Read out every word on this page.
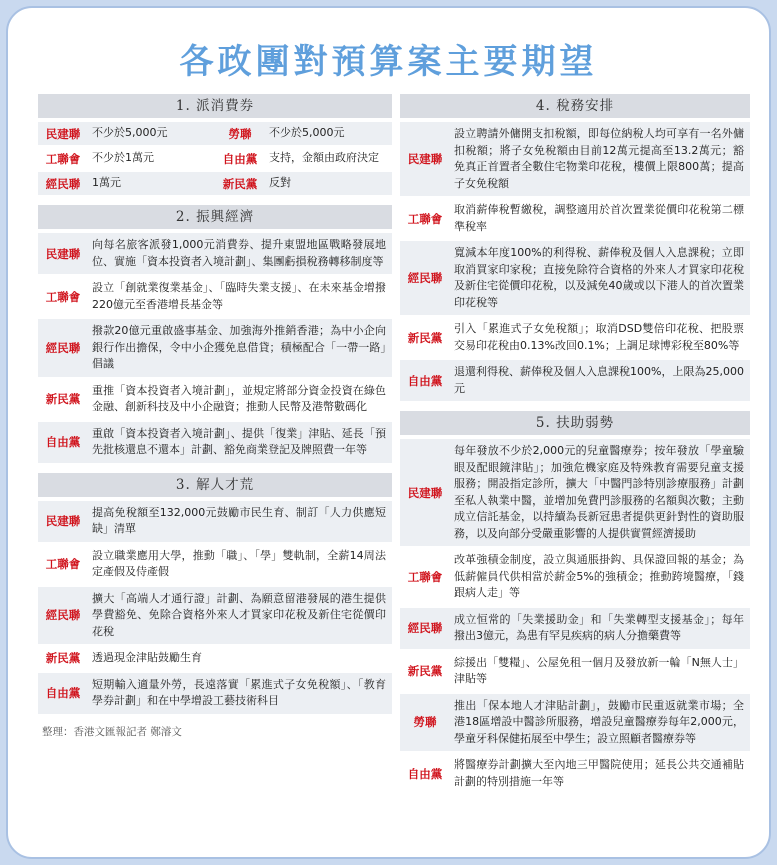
各政團對預算案主要期望
1. 派消費券
民建聯	不少於5,000元	勞聯	不少於5,000元
工聯會	不少於1萬元	自由黨	支持，金額由政府決定
經民聯	1萬元	新民黨	反對
2. 振興經濟
民建聯
向每名旅客派發1,000元消費券、提升東盟地區戰略發展地位、實施「資本投資者入境計劃」、集團虧損稅務轉移制度等
工聯會
設立「創就業復業基金」、「臨時失業支援」、在未來基金增撥220億元至香港增長基金等
經民聯
撥款20億元重啟盛事基金、加強海外推銷香港；為中小企向銀行作出擔保，令中小企獲免息借貸；積極配合「一帶一路」倡議
新民黨
重推「資本投資者入境計劃」，並規定將部分資金投資在綠色金融、創新科技及中小企融資；推動人民幣及港幣數碼化
自由黨
重啟「資本投資者入境計劃」、提供「復業」津貼、延長「預先批核還息不還本」計劃、豁免商業登記及牌照費一年等
3. 解人才荒
民建聯
提高免稅額至132,000元鼓勵市民生育、制訂「人力供應短缺」清單
工聯會
設立職業應用大學，推動「職」、「學」雙軌制，全薪14周法定產假及侍產假
經民聯
擴大「高端人才通行證」計劃、為願意留港發展的港生提供學費豁免、免除合資格外來人才買家印花稅及新住宅從價印花稅
新民黨	透過現金津貼鼓勵生育
自由黨
短期輸入適量外勞，長遠落實「累進式子女免稅額」、「教育學券計劃」和在中學增設工藝技術科目
整理：香港文匯報記者 鄭濬文
4. 稅務安排
民建聯
設立聘請外傭開支扣稅額，即每位納稅人均可享有一名外傭扣稅額；將子女免稅額由目前12萬元提高至13.2萬元；豁免真正首置者全數住宅物業印花稅，樓價上限800萬；提高子女免稅額
工聯會
取消薪俸稅暫繳稅，調整適用於首次置業從價印花稅第二標準稅率
經民聯
寬減本年度100%的利得稅、薪俸稅及個人入息課稅；立即取消買家印家稅；直接免除符合資格的外來人才買家印花稅及新住宅從價印花稅，以及減免40歲或以下港人的首次置業印花稅等
新民黨
引入「累進式子女免稅額」；取消DSD雙倍印花稅、把股票交易印花稅由0.13%改回0.1%；上調足球博彩稅至80%等
自由黨
退還利得稅、薪俸稅及個人入息課稅100%，上限為25,000元
5. 扶助弱勢
民建聯
每年發放不少於2,000元的兒童醫療券；按年發放「學童驗眼及配眼鏡津貼」；加強危機家庭及特殊教育需要兒童支援服務；開設指定診所，擴大「中醫門診特別診療服務」計劃至私人執業中醫，並增加免費門診服務的名額與次數；主動成立信託基金，以持續為長新冠患者提供更針對性的資助服務，以及向部分受嚴重影響的人提供實質經濟援助
工聯會
改革強積金制度，設立與通脹掛鈎、具保證回報的基金；為低薪僱員代供相當於薪金5%的強積金；推動跨境醫療，「錢跟病人走」等
經民聯
成立恒常的「失業援助金」和「失業轉型支援基金」；每年撥出3億元，為患有罕見疾病的病人分擔藥費等
新民黨
綜援出「雙糧」、公屋免租一個月及發放新一輪「N無人士」津貼等
勞聯
推出「保本地人才津貼計劃」，鼓勵市民重返就業市場；全港18區增設中醫診所服務，增設兒童醫療券每年2,000元，學童牙科保健拓展至中學生；設立照顧者醫療券等
自由黨
將醫療券計劃擴大至內地三甲醫院使用；延長公共交通補貼計劃的特別措施一年等
